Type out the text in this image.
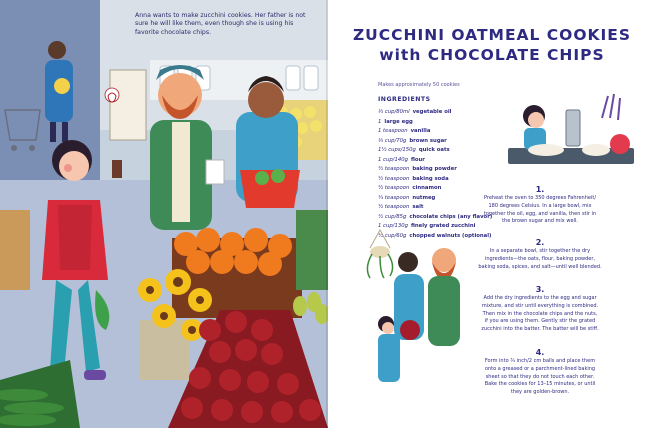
Anna wants to make zucchini cookies. Her father is not sure he will like them, even though she is using his favorite chocolate chips.	ZUCCHINI OATMEAL COOKIES
with CHOCOLATE CHIPS
Makes approximately 50 cookies
INGREDIENTS
⅓ cup/80ml vegetable oil
1 large egg
1 teaspoon vanilla
⅓ cup/70g brown sugar
1½ cups/150g quick oats
1 cup/140g flour
½ teaspoon baking powder
½ teaspoon baking soda
½ teaspoon cinnamon
¼ teaspoon nutmeg
½ teaspoon salt
½ cup/85g chocolate chips (any flavor)
1 cup/130g finely grated zucchini
½ cup/60g chopped walnuts (optional)
1.
Preheat the oven to 350 degrees Fahrenheit/
180 degrees Celsius. In a large bowl, mix
together the oil, egg, and vanilla, then stir in
the brown sugar and mix well.
2.
In a separate bowl, stir together the dry
ingredients—the oats, flour, baking powder,
baking soda, spices, and salt—until well blended.
3.
Add the dry ingredients to the egg and sugar
mixture, and stir until everything is combined.
Then mix in the chocolate chips and the nuts,
if you are using them. Gently stir the grated
zucchini into the batter. The batter will be stiff.
4.
Form into ¾ inch/2 cm balls and place them
onto a greased or a parchment-lined baking
sheet so that they do not touch each other.
Bake the cookies for 13–15 minutes, or until
they are golden-brown.
